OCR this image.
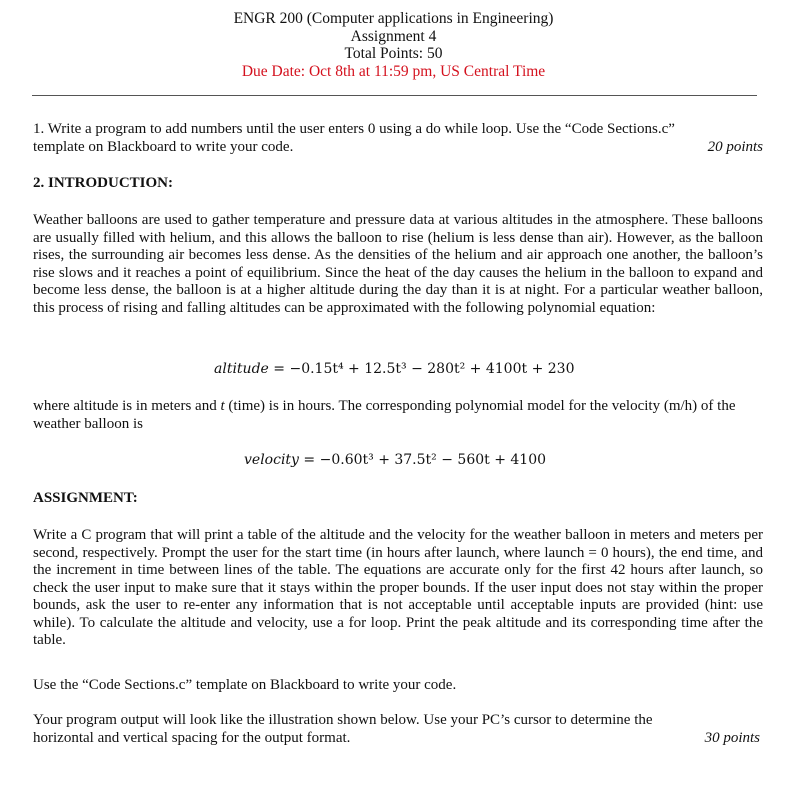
ENGR 200 (Computer applications in Engineering)
Assignment 4
Total Points: 50
Due Date: Oct 8th at 11:59 pm, US Central Time
1. Write a program to add numbers until the user enters 0 using a do while loop. Use the “Code Sections.c”
template on Blackboard to write your code.	20 points
2. INTRODUCTION:
Weather balloons are used to gather temperature and pressure data at various altitudes in the atmosphere. These balloons are usually filled with helium, and this allows the balloon to rise (helium is less dense than air). However, as the balloon rises, the surrounding air becomes less dense. As the densities of the helium and air approach one another, the balloon’s rise slows and it reaches a point of equilibrium. Since the heat of the day causes the helium in the balloon to expand and become less dense, the balloon is at a higher altitude during the day than it is at night. For a particular weather balloon, this process of rising and falling altitudes can be approximated with the following polynomial equation:
altitude = −0.15t⁴ + 12.5t³ − 280t² + 4100t + 230
where altitude is in meters and t (time) is in hours. The corresponding polynomial model for the velocity (m/h) of the weather balloon is
velocity = −0.60t³ + 37.5t² − 560t + 4100
ASSIGNMENT:
Write a C program that will print a table of the altitude and the velocity for the weather balloon in meters and meters per second, respectively. Prompt the user for the start time (in hours after launch, where launch = 0 hours), the end time, and the increment in time between lines of the table. The equations are accurate only for the first 42 hours after launch, so check the user input to make sure that it stays within the proper bounds. If the user input does not stay within the proper bounds, ask the user to re-enter any information that is not acceptable until acceptable inputs are provided (hint: use while). To calculate the altitude and velocity, use a for loop. Print the peak altitude and its corresponding time after the table.
Use the “Code Sections.c” template on Blackboard to write your code.
Your program output will look like the illustration shown below. Use your PC’s cursor to determine the
horizontal and vertical spacing for the output format.	30 points
